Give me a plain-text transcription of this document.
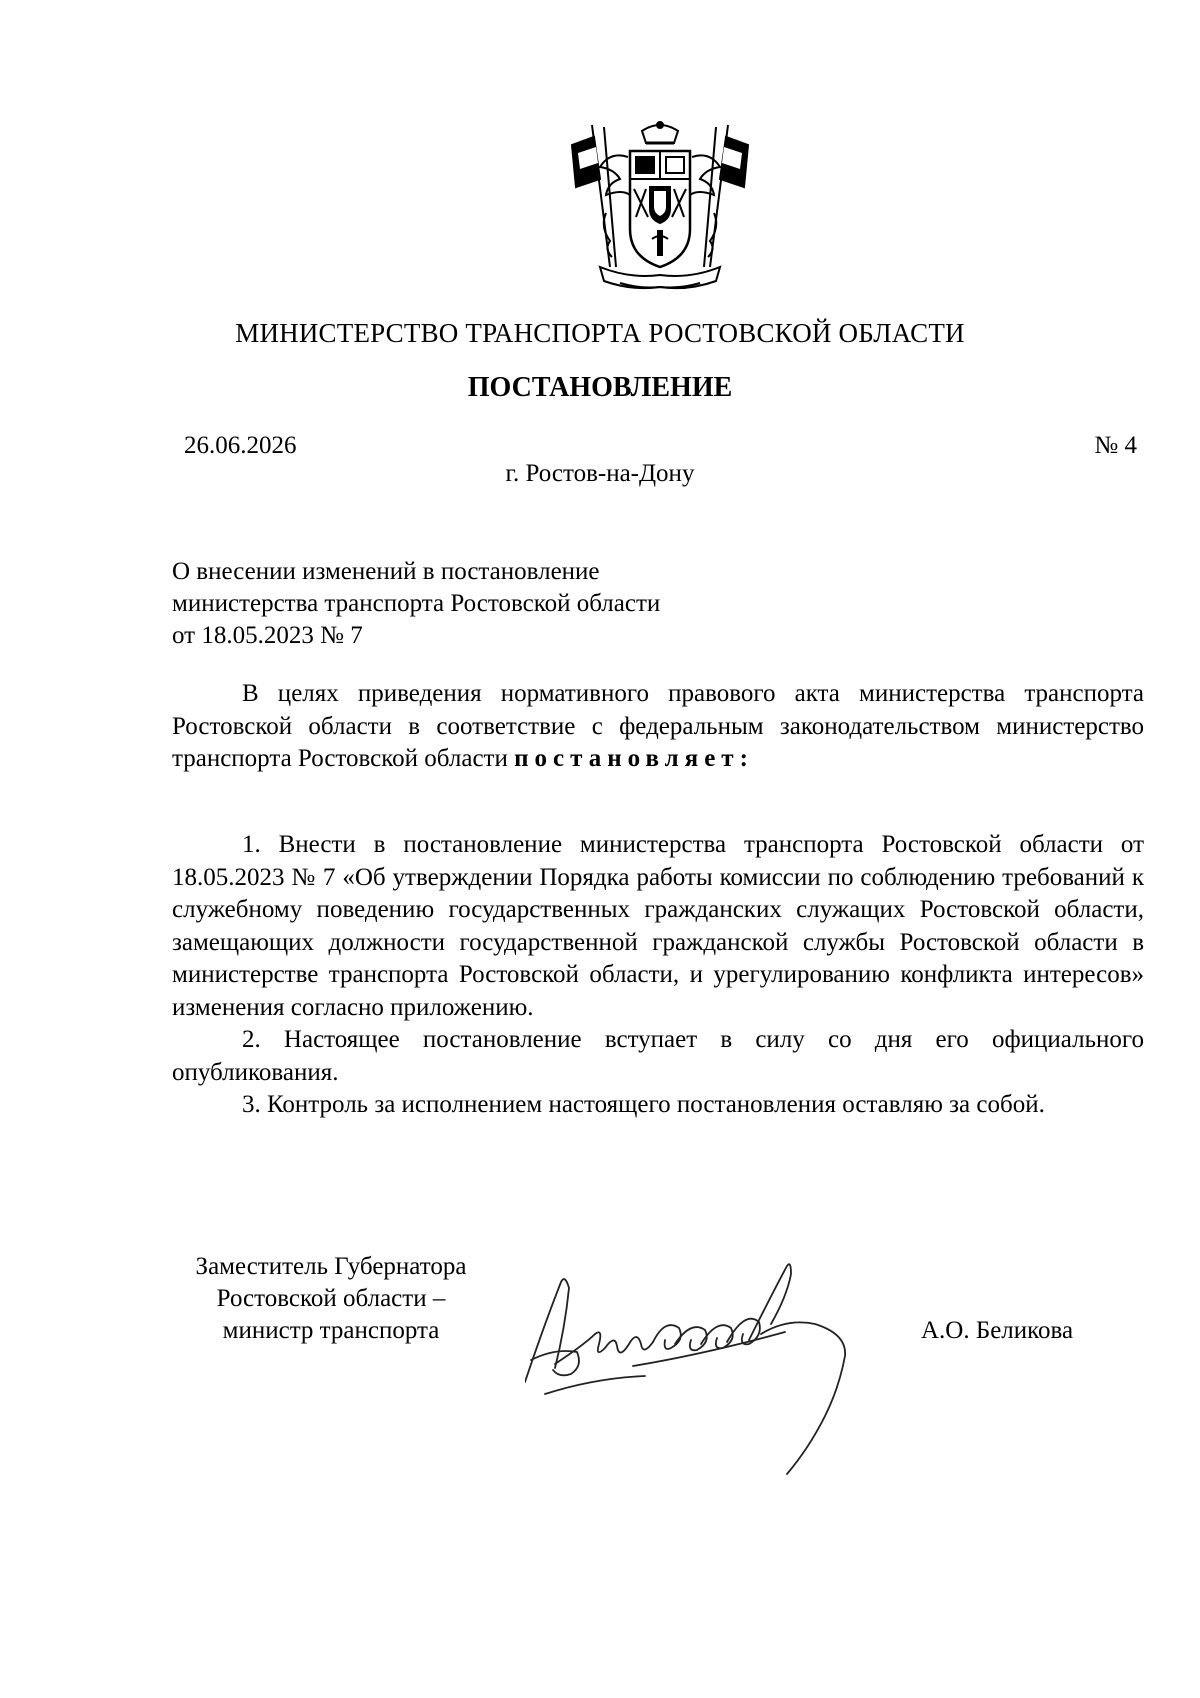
МИНИСТЕРСТВО ТРАНСПОРТА РОСТОВСКОЙ ОБЛАСТИ
ПОСТАНОВЛЕНИЕ
26.06.2026	№ 4
г. Ростов-на-Дону
О внесении изменений в постановление
министерства транспорта Ростовской области
от 18.05.2023 № 7

В целях приведения нормативного правового акта министерства транспорта Ростовской области в соответствие с федеральным законодательством министерство транспорта Ростовской области постановляет:

1. Внести в постановление министерства транспорта Ростовской области от 18.05.2023 № 7 «Об утверждении Порядка работы комиссии по соблюдению требований к служебному поведению государственных гражданских служащих Ростовской области, замещающих должности государственной гражданской службы Ростовской области в министерстве транспорта Ростовской области, и урегулированию конфликта интересов» изменения согласно приложению.

2. Настоящее постановление вступает в силу со дня его официального опубликования.

3. Контроль за исполнением настоящего постановления оставляю за собой.

Заместитель Губернатора
Ростовской области –
министр транспорта	А.О. Беликова
